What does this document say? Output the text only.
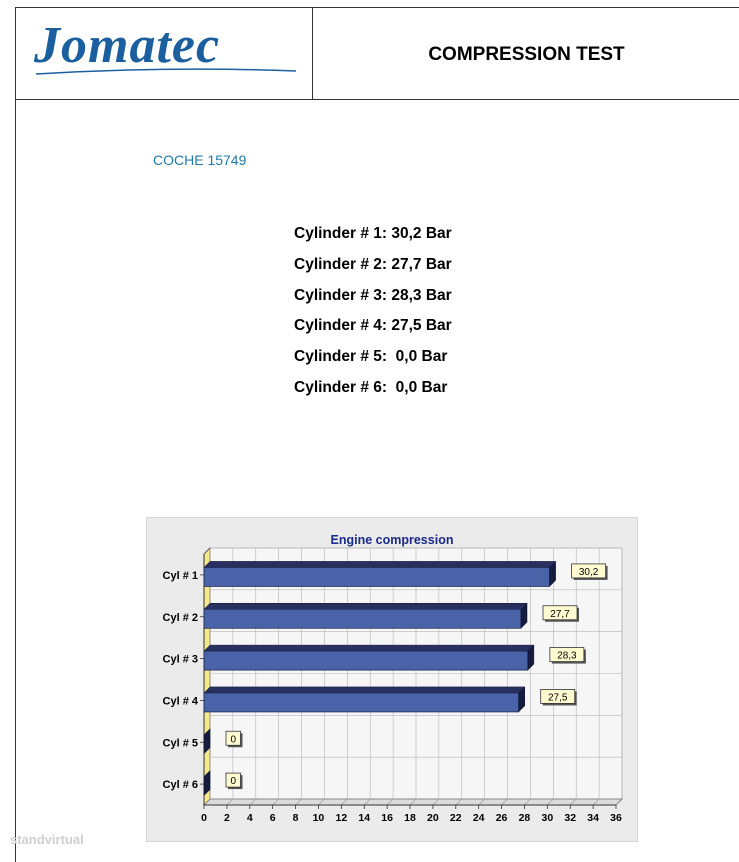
Jomatec	COMPRESSION TEST
COCHE 15749
Cylinder # 1: 30,2 Bar
Cylinder # 2: 27,7 Bar
Cylinder # 3: 28,3 Bar
Cylinder # 4: 27,5 Bar
Cylinder # 5:  0,0 Bar
Cylinder # 6:  0,0 Bar
Engine compression
0 2 4 6 8 10 12 14 16 18 20 22 24 26 28 30 32 34 36
Cyl # 1	30,2
Cyl # 2	27,7
Cyl # 3	28,3
Cyl # 4	27,5
Cyl # 5	0
Cyl # 6	0
standvirtual
